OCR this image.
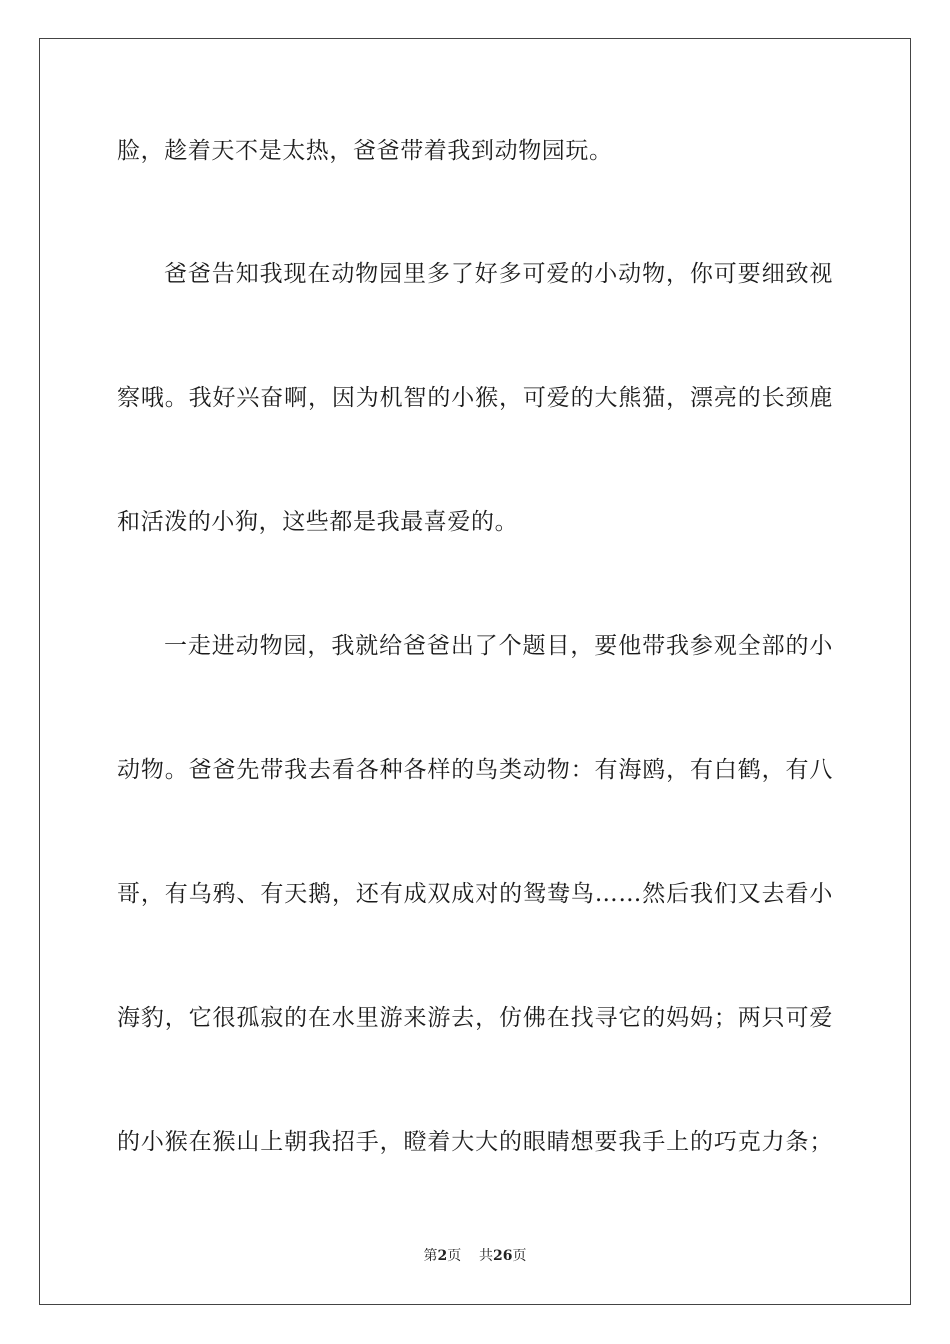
脸，趁着天不是太热，爸爸带着我到动物园玩。
爸爸告知我现在动物园里多了好多可爱的小动物，你可要细致视
察哦。我好兴奋啊，因为机智的小猴，可爱的大熊猫，漂亮的长颈鹿
和活泼的小狗，这些都是我最喜爱的。
一走进动物园，我就给爸爸出了个题目，要他带我参观全部的小
动物。爸爸先带我去看各种各样的鸟类动物：有海鸥，有白鹤，有八
哥，有乌鸦、有天鹅，还有成双成对的鸳鸯鸟……然后我们又去看小
海豹，它很孤寂的在水里游来游去，仿佛在找寻它的妈妈；两只可爱
的小猴在猴山上朝我招手，瞪着大大的眼睛想要我手上的巧克力条；
第2页 共26页
